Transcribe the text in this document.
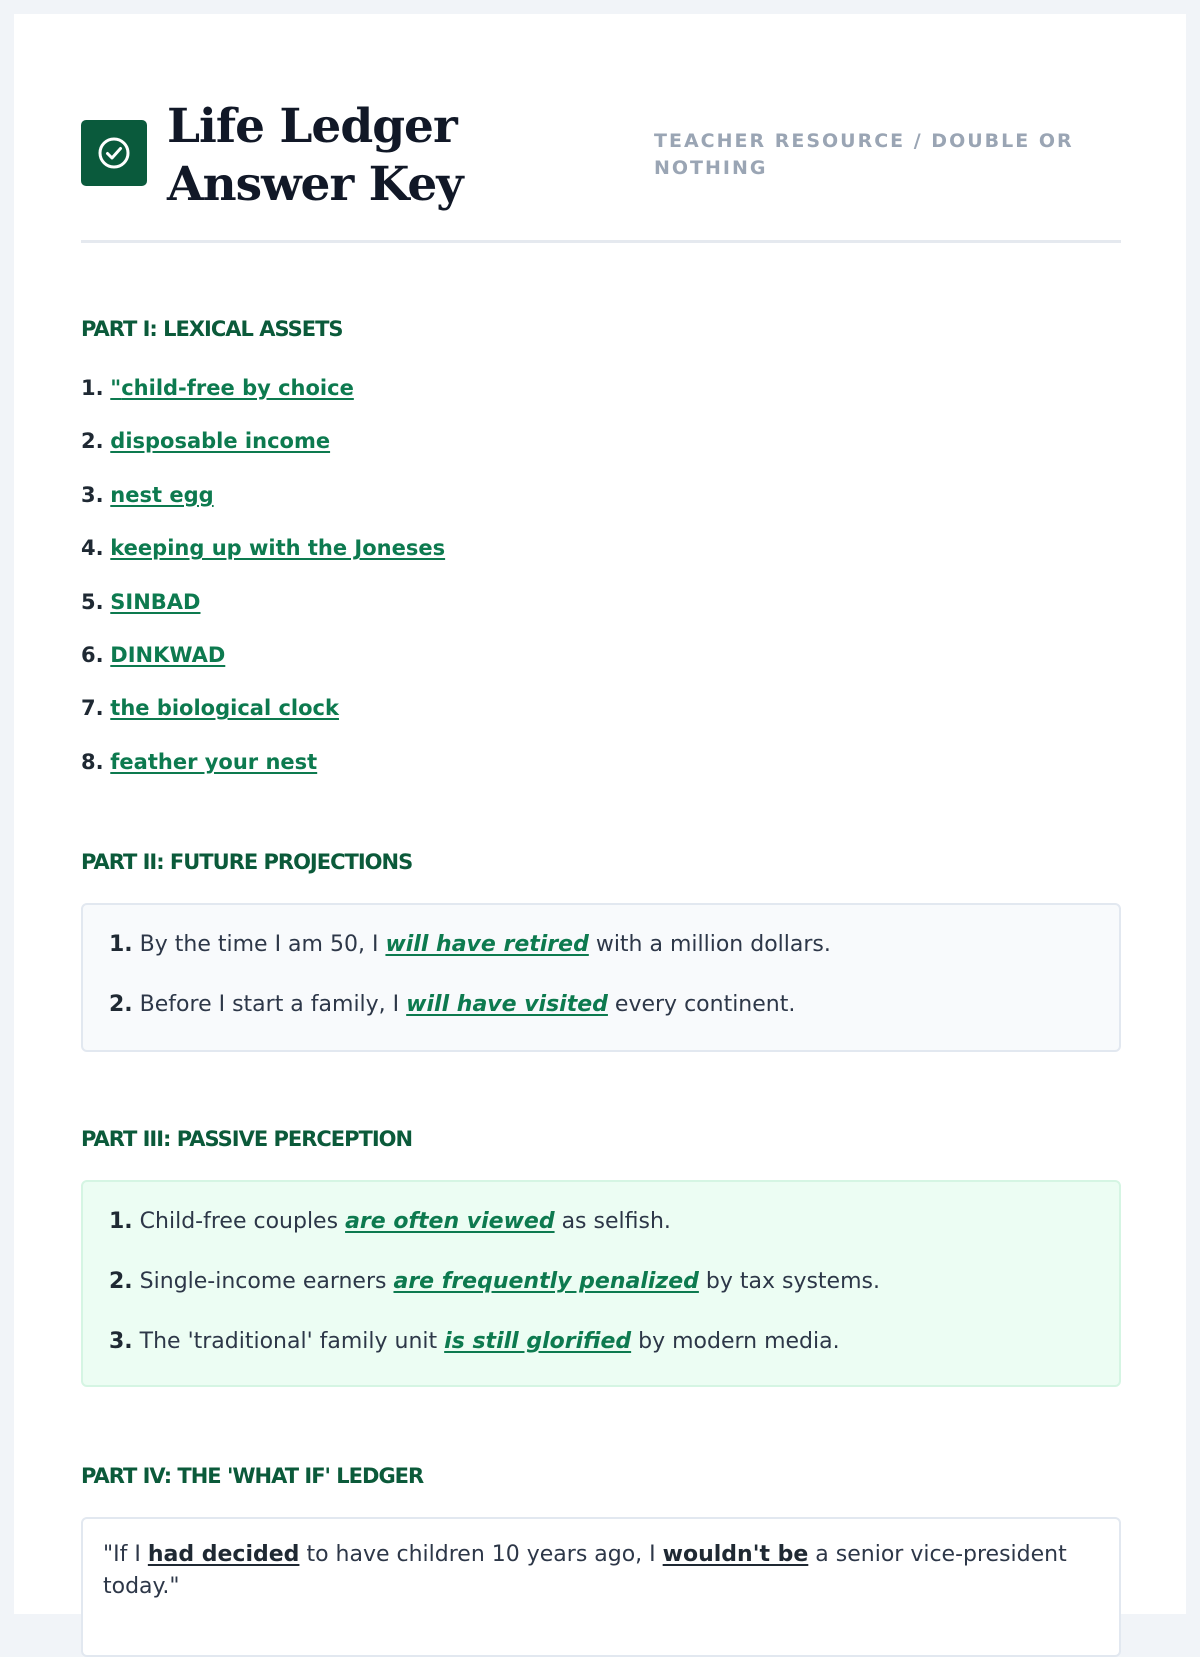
Life Ledger Answer Key
TEACHER RESOURCE / DOUBLE OR NOTHING
PART I: LEXICAL ASSETS
1. "child-free by choice
2. disposable income
3. nest egg
4. keeping up with the Joneses
5. SINBAD
6. DINKWAD
7. the biological clock
8. feather your nest
PART II: FUTURE PROJECTIONS
1. By the time I am 50, I will have retired with a million dollars.
2. Before I start a family, I will have visited every continent.
PART III: PASSIVE PERCEPTION
1. Child-free couples are often viewed as selfish.
2. Single-income earners are frequently penalized by tax systems.
3. The 'traditional' family unit is still glorified by modern media.
PART IV: THE 'WHAT IF' LEDGER
"If I had decided to have children 10 years ago, I wouldn't be a senior vice-president today."
